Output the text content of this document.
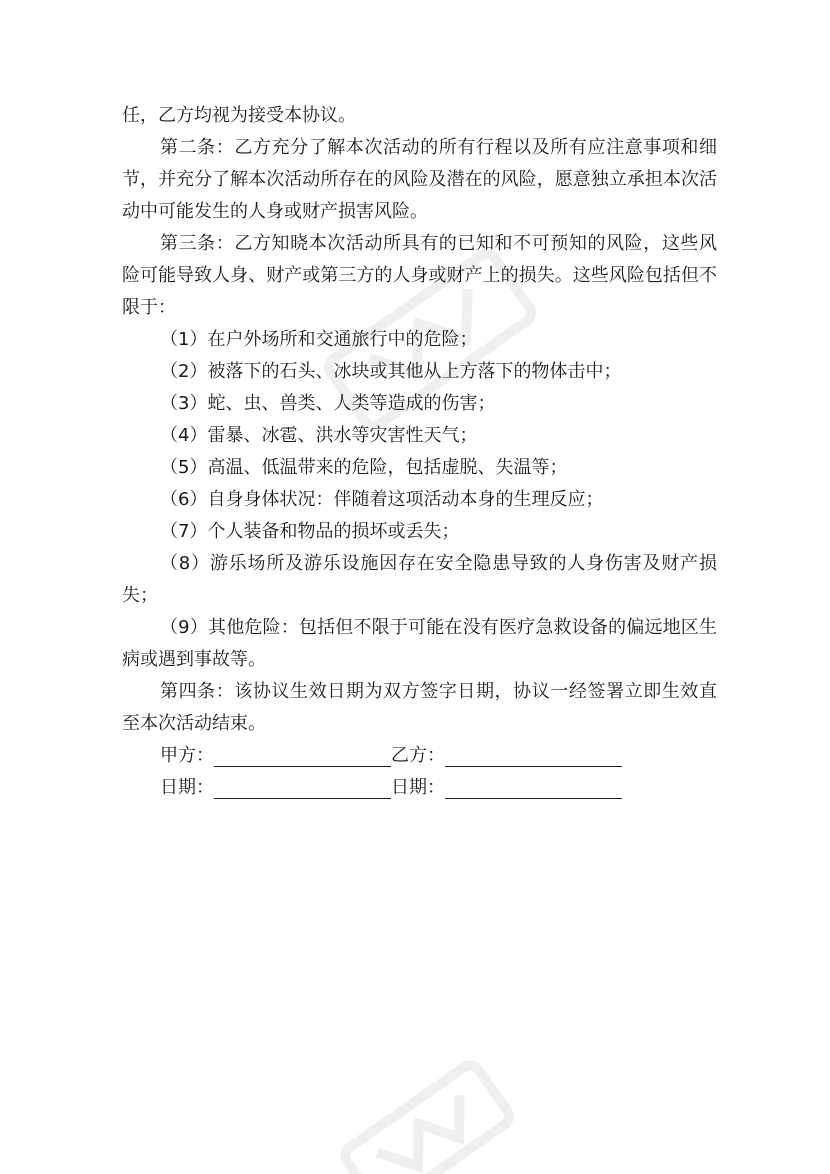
任，乙方均视为接受本协议。

第二条：乙方充分了解本次活动的所有行程以及所有应注意事项和细节，并充分了解本次活动所存在的风险及潜在的风险，愿意独立承担本次活动中可能发生的人身或财产损害风险。

第三条：乙方知晓本次活动所具有的已知和不可预知的风险，这些风险可能导致人身、财产或第三方的人身或财产上的损失。这些风险包括但不限于：

（1）在户外场所和交通旅行中的危险；

（2）被落下的石头、冰块或其他从上方落下的物体击中；

（3）蛇、虫、兽类、人类等造成的伤害；

（4）雷暴、冰雹、洪水等灾害性天气；

（5）高温、低温带来的危险，包括虚脱、失温等；

（6）自身身体状况：伴随着这项活动本身的生理反应；

（7）个人装备和物品的损坏或丢失；

（8）游乐场所及游乐设施因存在安全隐患导致的人身伤害及财产损失；

（9）其他危险：包括但不限于可能在没有医疗急救设备的偏远地区生病或遇到事故等。

第四条：该协议生效日期为双方签字日期，协议一经签署立即生效直至本次活动结束。

甲方：	乙方：
日期：	日期：
